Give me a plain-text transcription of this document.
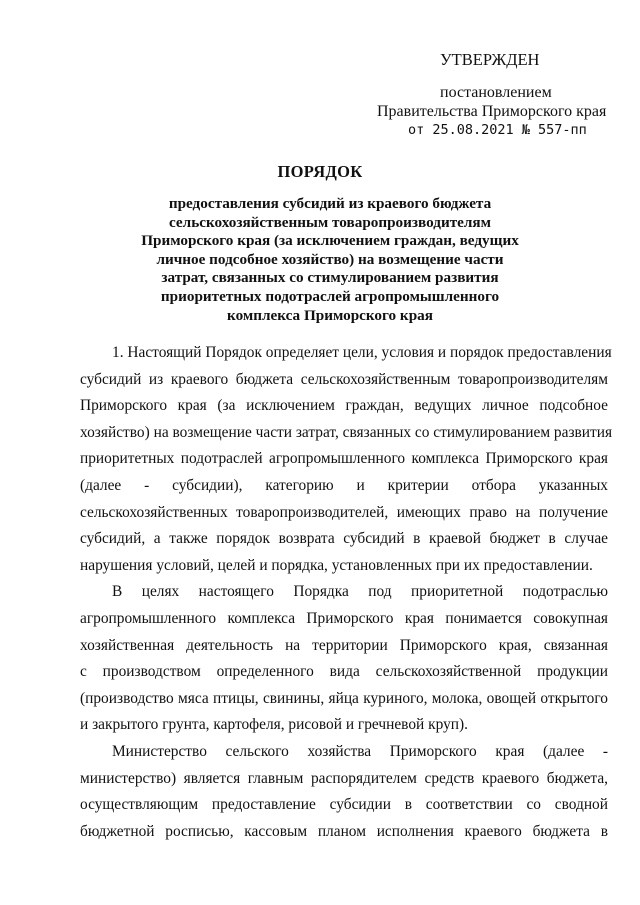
УТВЕРЖДЕН
постановлением
Правительства Приморского края
от 25.08.2021 № 557-пп
ПОРЯДОК
предоставления субсидий из краевого бюджета
сельскохозяйственным товаропроизводителям
Приморского края (за исключением граждан, ведущих
личное подсобное хозяйство) на возмещение части
затрат, связанных со стимулированием развития
приоритетных подотраслей агропромышленного
комплекса Приморского края
1. Настоящий Порядок определяет цели, условия и порядок предоставления
субсидий из краевого бюджета сельскохозяйственным товаропроизводителям
Приморского края (за исключением граждан, ведущих личное подсобное
хозяйство) на возмещение части затрат, связанных со стимулированием развития
приоритетных подотраслей агропромышленного комплекса Приморского края
(далее - субсидии), категорию и критерии отбора указанных
сельскохозяйственных товаропроизводителей, имеющих право на получение
субсидий, а также порядок возврата субсидий в краевой бюджет в случае
нарушения условий, целей и порядка, установленных при их предоставлении.
В целях настоящего Порядка под приоритетной подотраслью
агропромышленного комплекса Приморского края понимается совокупная
хозяйственная деятельность на территории Приморского края, связанная
с производством определенного вида сельскохозяйственной продукции
(производство мяса птицы, свинины, яйца куриного, молока, овощей открытого
и закрытого грунта, картофеля, рисовой и гречневой круп).
Министерство сельского хозяйства Приморского края (далее -
министерство) является главным распорядителем средств краевого бюджета,
осуществляющим предоставление субсидии в соответствии со сводной
бюджетной росписью, кассовым планом исполнения краевого бюджета в
